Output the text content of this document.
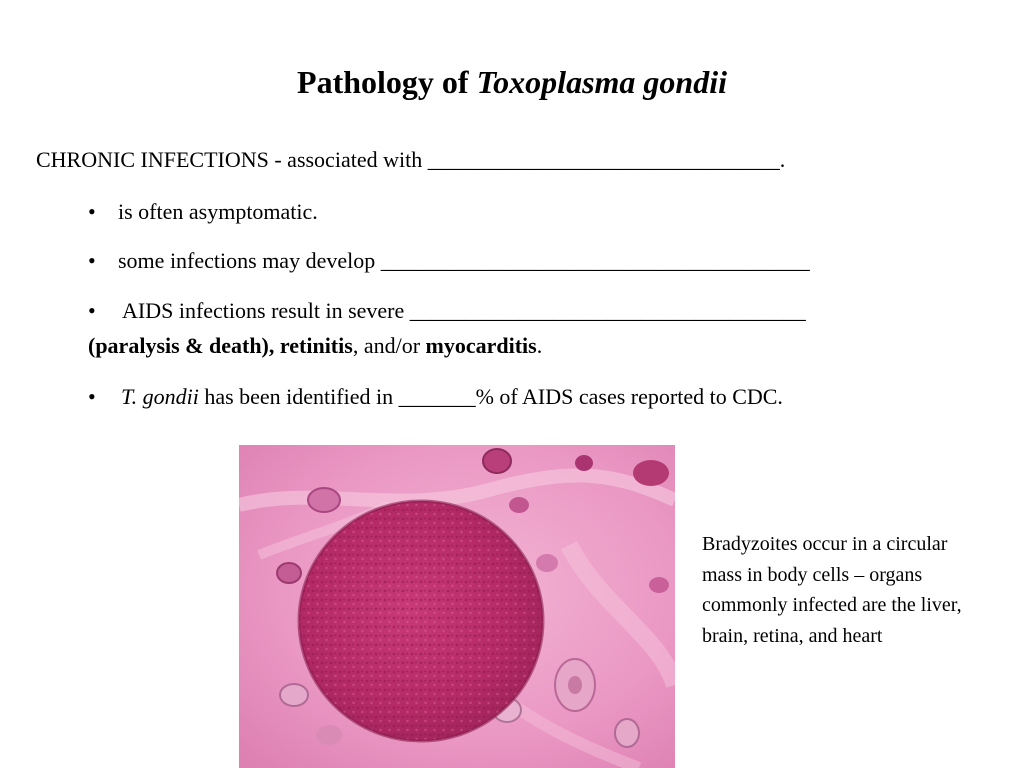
Pathology of Toxoplasma gondii
CHRONIC INFECTIONS - associated with ________________________________.
• is often asymptomatic.
• some infections may develop _______________________________________
• AIDS infections result in severe ____________________________________
(paralysis & death), retinitis, and/or myocarditis.
• T. gondii has been identified in _______% of AIDS cases reported to CDC.
Bradyzoites occur in a circular mass in body cells – organs commonly infected are the liver, brain, retina, and heart
